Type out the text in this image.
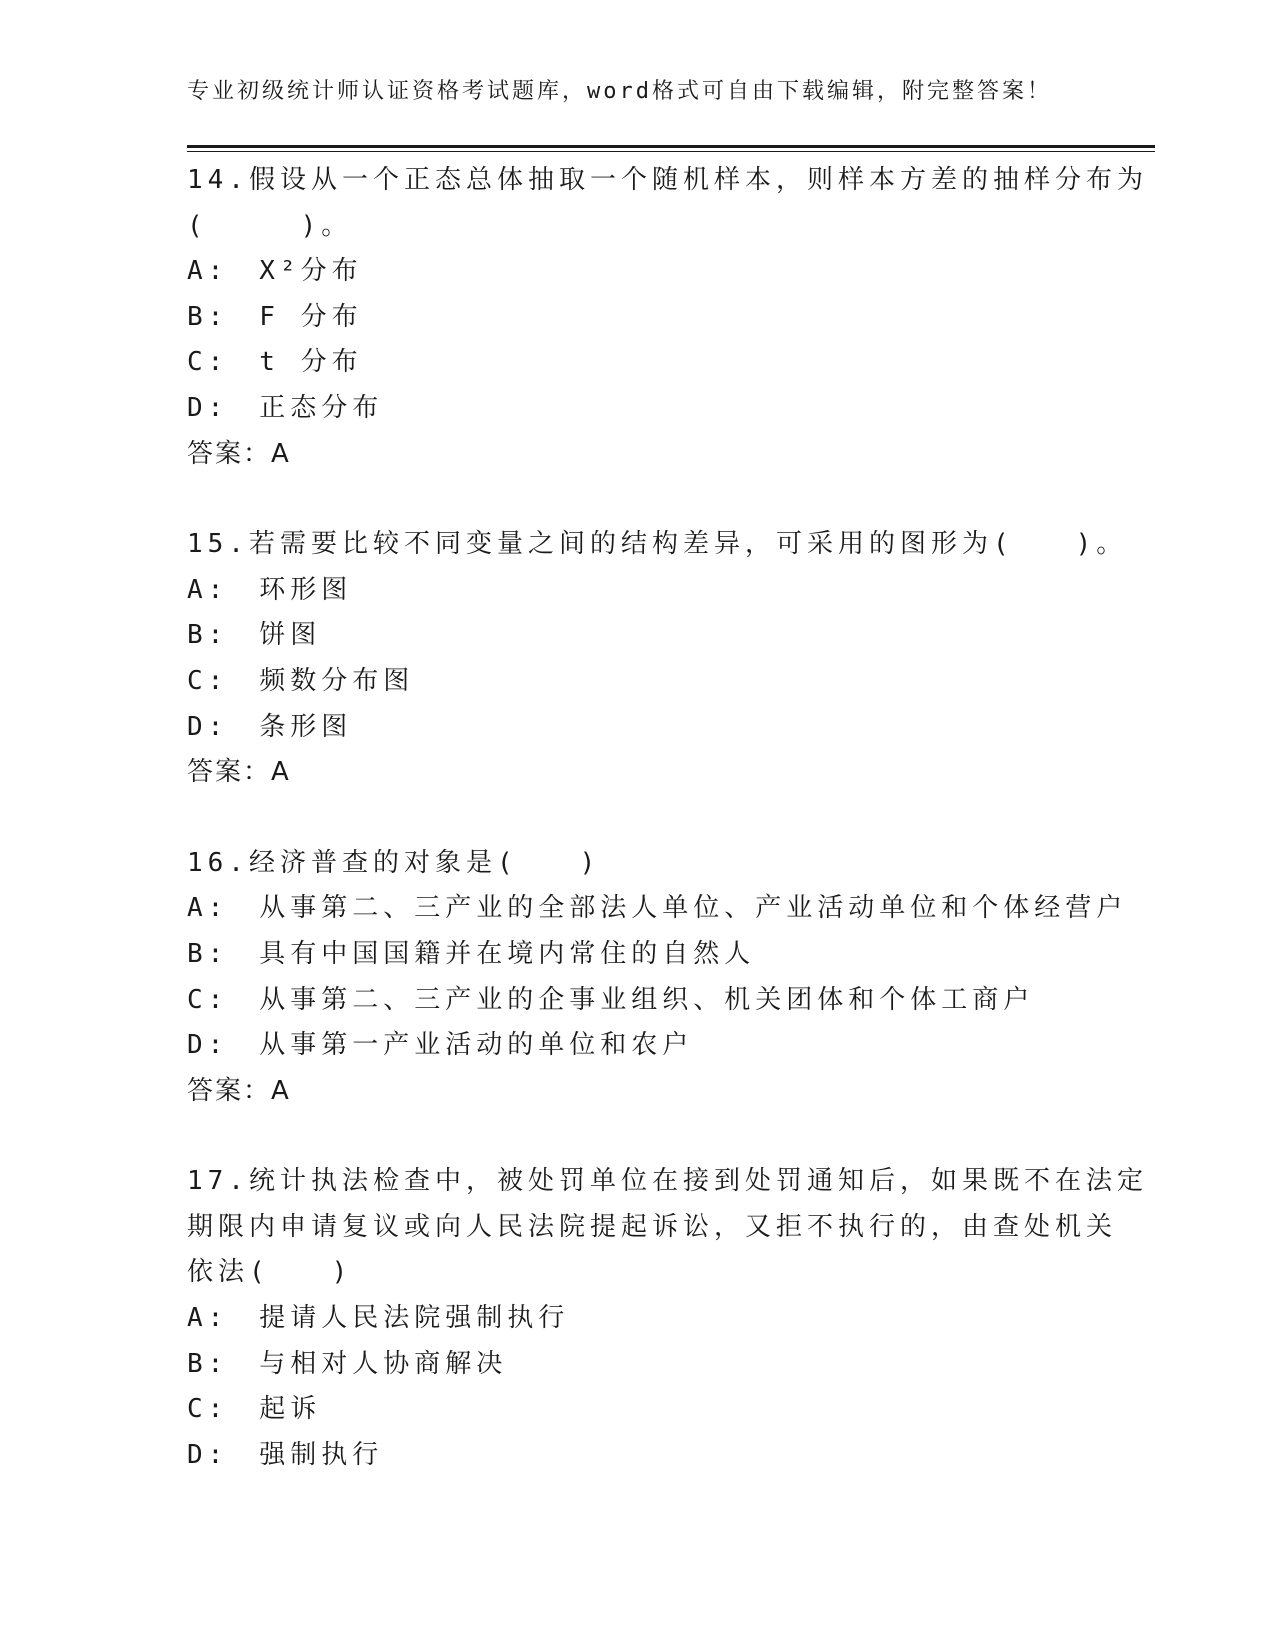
专业初级统计师认证资格考试题库，word格式可自由下载编辑，附完整答案！
14.假设从一个正态总体抽取一个随机样本，则样本方差的抽样分布为
(　　　)。
A:　X²分布
B:　F 分布
C:　t 分布
D:　正态分布
答案：A
15.若需要比较不同变量之间的结构差异，可采用的图形为(　　)。
A:　环形图
B:　饼图
C:　频数分布图
D:　条形图
答案：A
16.经济普查的对象是(　　)
A:　从事第二、三产业的全部法人单位、产业活动单位和个体经营户
B:　具有中国国籍并在境内常住的自然人
C:　从事第二、三产业的企事业组织、机关团体和个体工商户
D:　从事第一产业活动的单位和农户
答案：A
17.统计执法检查中，被处罚单位在接到处罚通知后，如果既不在法定
期限内申请复议或向人民法院提起诉讼，又拒不执行的，由查处机关
依法(　　)
A:　提请人民法院强制执行
B:　与相对人协商解决
C:　起诉
D:　强制执行
